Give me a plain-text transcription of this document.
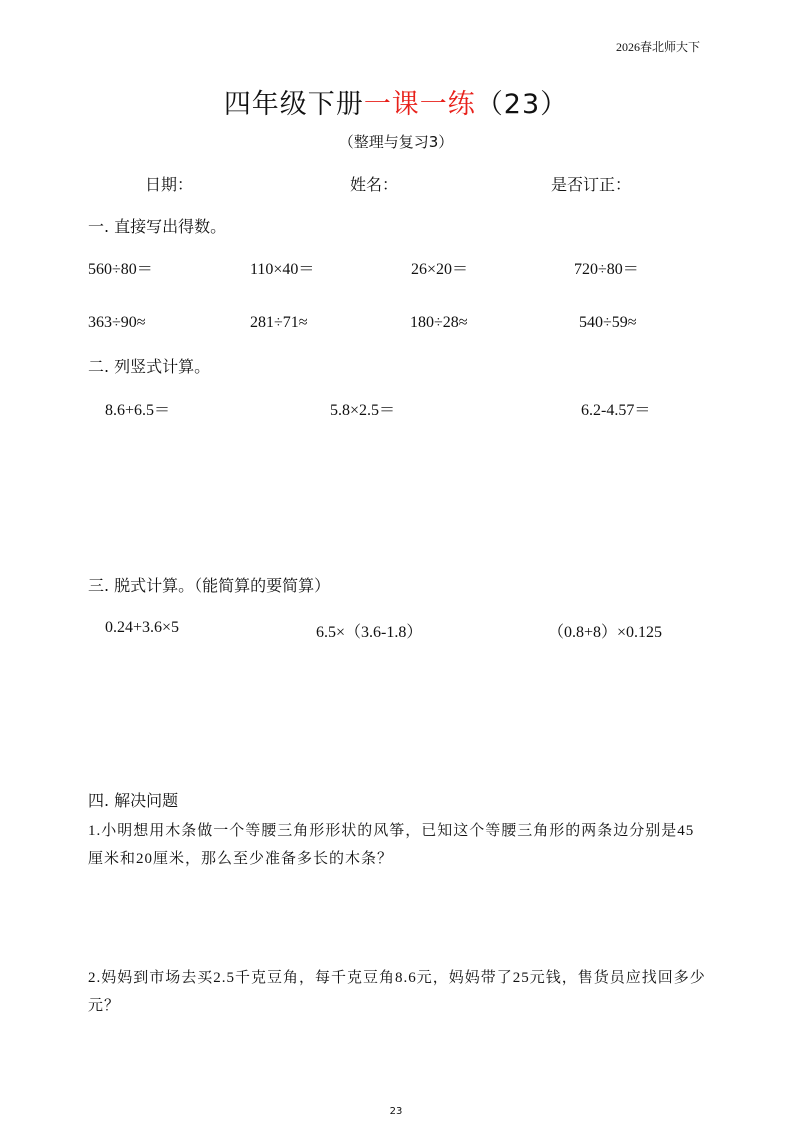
2026春北师大下
四年级下册一课一练（23）
（整理与复习3）
日期：	姓名：	是否订正：
一. 直接写出得数。
560÷80＝	110×40＝	26×20＝	720÷80＝
363÷90≈	281÷71≈	180÷28≈	540÷59≈
二. 列竖式计算。
8.6+6.5＝	5.8×2.5＝	6.2-4.57＝
三. 脱式计算。（能简算的要简算）
0.24+3.6×5	6.5×（3.6-1.8）	（0.8+8）×0.125
四. 解决问题
1.小明想用木条做一个等腰三角形形状的风筝，已知这个等腰三角形的两条边分别是45厘米和20厘米，那么至少准备多长的木条？
2.妈妈到市场去买2.5千克豆角，每千克豆角8.6元，妈妈带了25元钱，售货员应找回多少元？
23
